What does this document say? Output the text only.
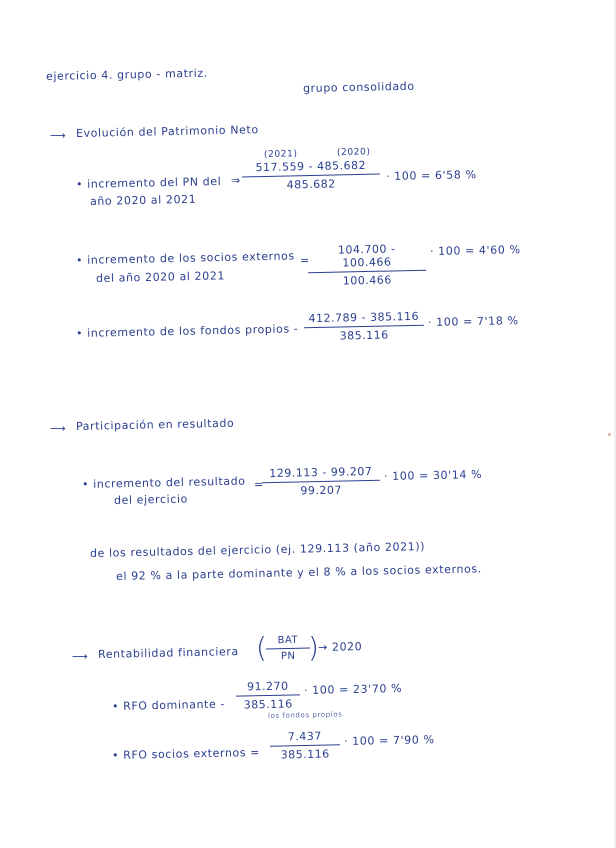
ejercicio 4. grupo - matriz.
grupo consolidado
⟶ Evolución del Patrimonio Neto
(2021)	(2020)
• incremento del PN del
año 2020 al 2021
⇒
517.559 - 485.682
485.682
· 100 = 6'58 %
• incremento de los socios externos
del año 2020 al 2021
=
104.700 - 100.466
100.466
· 100 = 4'60 %
• incremento de los fondos propios -
412.789 - 385.116
385.116
· 100 = 7'18 %
⟶ Participación en resultado
• incremento del resultado
del ejercicio
=
129.113 - 99.207
99.207
· 100 = 30'14 %
de los resultados del ejercicio (ej. 129.113 (año 2021))
el 92 % a la parte dominante y el 8 % a los socios externos.
⟶ Rentabilidad financiera (	BAT
PN )
→ 2020
• RFO dominante -
91.270
385.116
· 100 = 23'70 %
los fondos propios
• RFO socios externos =
7.437
385.116
· 100 = 7'90 %
